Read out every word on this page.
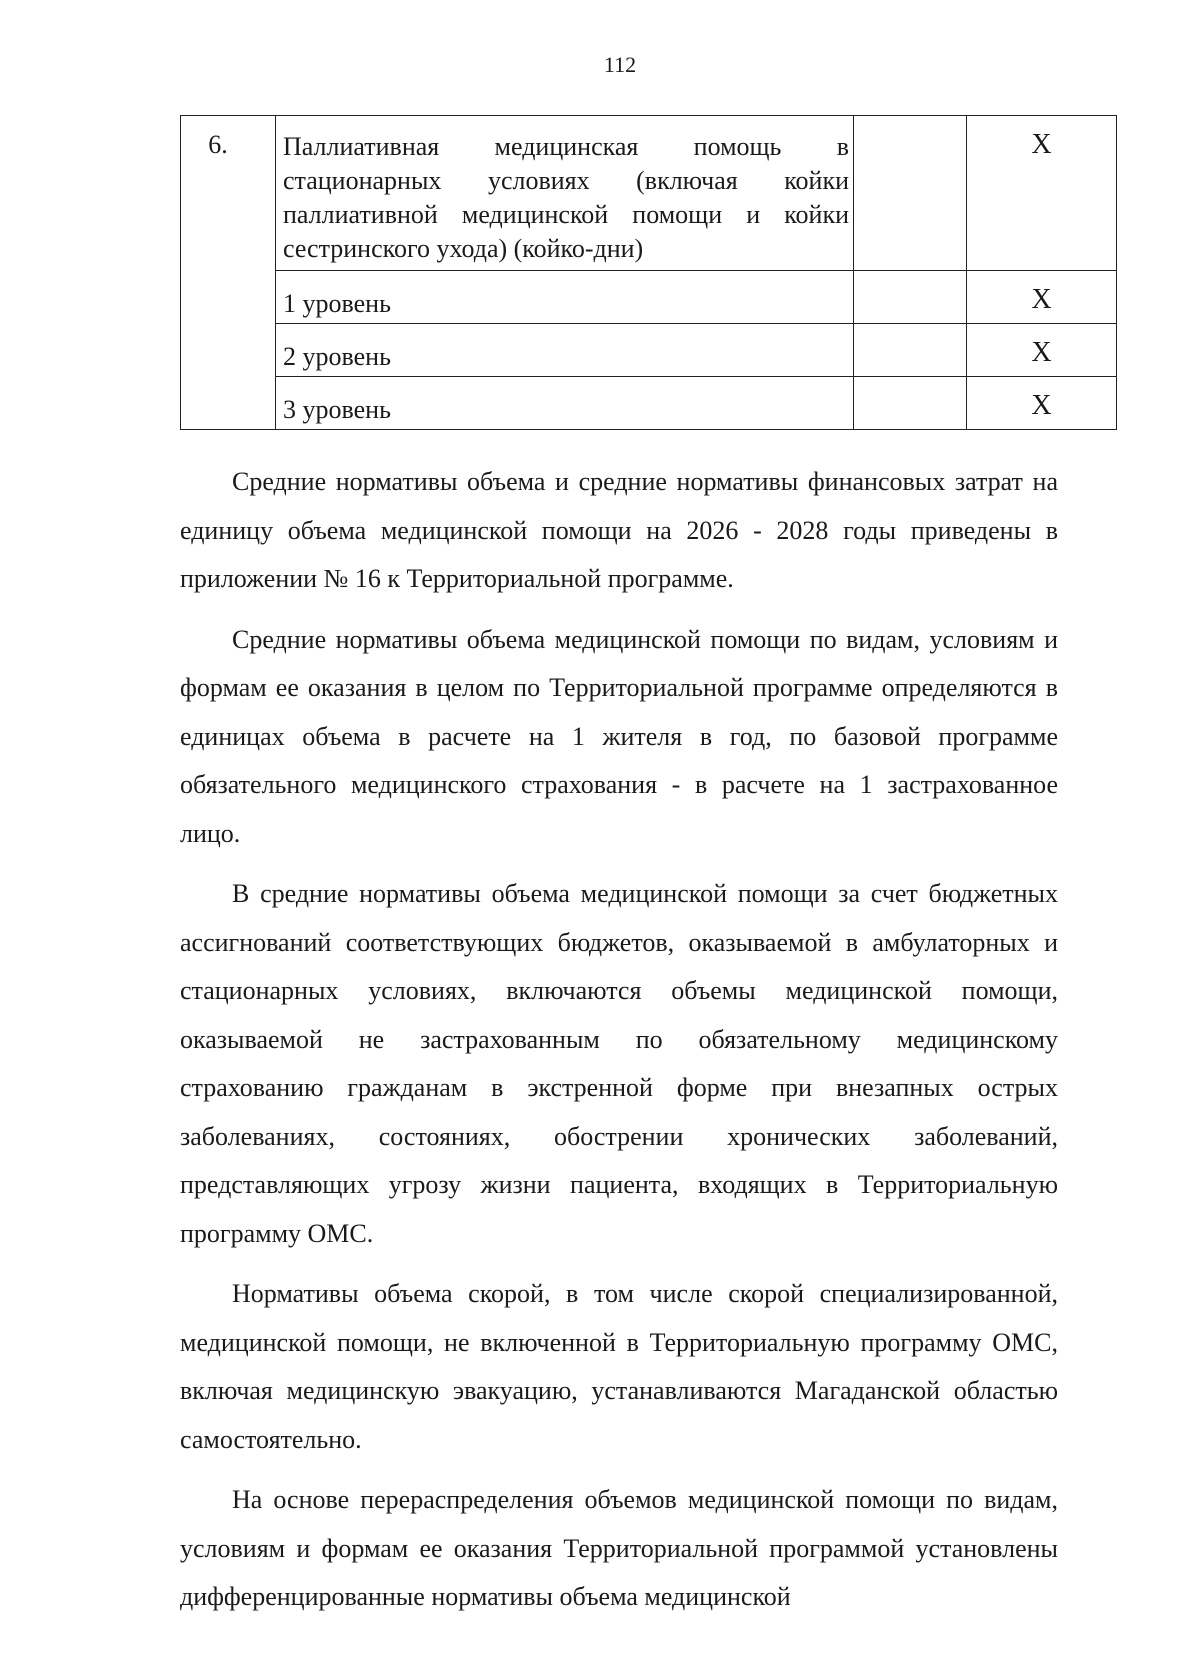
112
6.	Паллиативная медицинская помощь в стационарных условиях (включая койки паллиативной медицинской помощи и койки сестринского ухода) (койко-дни)		X
	1 уровень		X
	2 уровень		X
	3 уровень		X

Средние нормативы объема и средние нормативы финансовых затрат на единицу объема медицинской помощи на 2026 - 2028 годы приведены в приложении № 16 к Территориальной программе.

Средние нормативы объема медицинской помощи по видам, условиям и формам ее оказания в целом по Территориальной программе определяются в единицах объема в расчете на 1 жителя в год, по базовой программе обязательного медицинского страхования - в расчете на 1 застрахованное лицо.

В средние нормативы объема медицинской помощи за счет бюджетных ассигнований соответствующих бюджетов, оказываемой в амбулаторных и стационарных условиях, включаются объемы медицинской помощи, оказываемой не застрахованным по обязательному медицинскому страхованию гражданам в экстренной форме при внезапных острых заболеваниях, состояниях, обострении хронических заболеваний, представляющих угрозу жизни пациента, входящих в Территориальную программу ОМС.

Нормативы объема скорой, в том числе скорой специализированной, медицинской помощи, не включенной в Территориальную программу ОМС, включая медицинскую эвакуацию, устанавливаются Магаданской областью самостоятельно.

На основе перераспределения объемов медицинской помощи по видам, условиям и формам ее оказания Территориальной программой установлены дифференцированные нормативы объема медицинской
